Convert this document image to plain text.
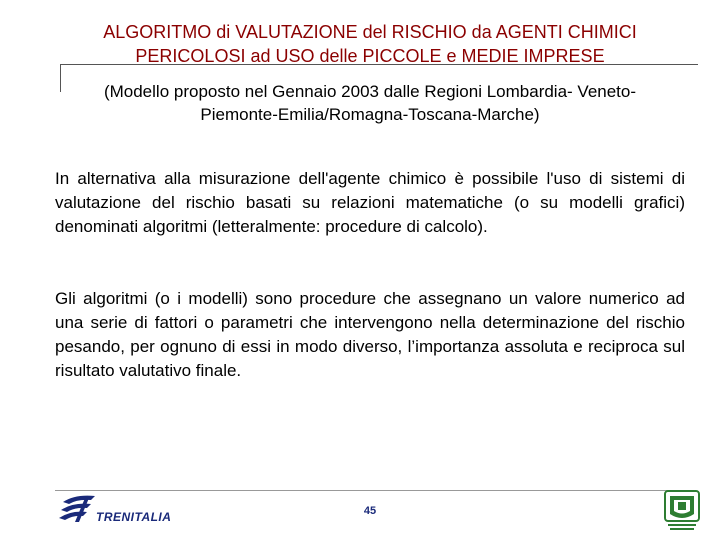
ALGORITMO di VALUTAZIONE del RISCHIO da AGENTI CHIMICI
PERICOLOSI ad USO delle PICCOLE e MEDIE IMPRESE
(Modello proposto nel Gennaio 2003 dalle Regioni Lombardia- Veneto-
Piemonte-Emilia/Romagna-Toscana-Marche)

In alternativa alla misurazione dell'agente chimico è possibile l'uso di sistemi di valutazione del rischio basati su relazioni matematiche (o su modelli grafici) denominati algoritmi (letteralmente: procedure di calcolo).

Gli algoritmi (o i modelli) sono procedure che assegnano un valore numerico ad una serie di fattori o parametri che intervengono nella determinazione del rischio pesando, per ognuno di essi in modo diverso, l’importanza assoluta e reciproca sul risultato valutativo finale.

TRENITALIA	45
